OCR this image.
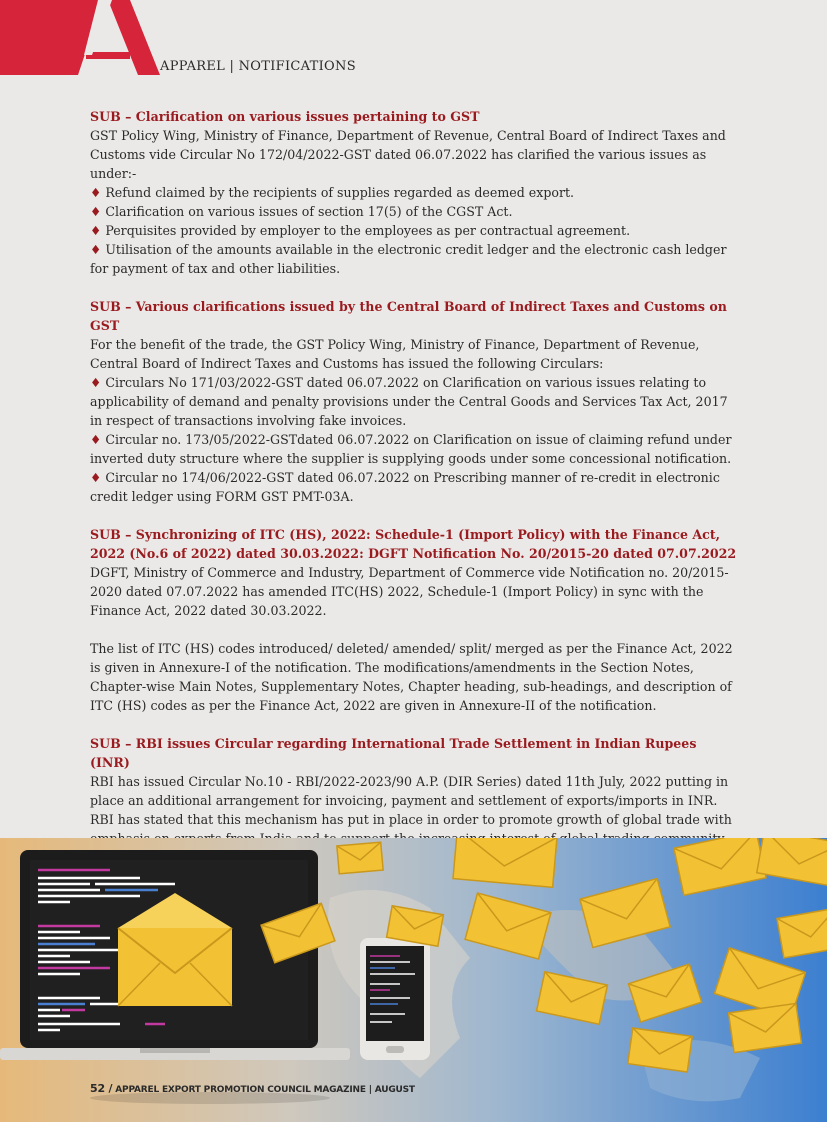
APPAREL | NOTIFICATIONS
SUB – Clarification on various issues pertaining to GST
GST Policy Wing, Ministry of Finance, Department of Revenue, Central Board of Indirect Taxes and Customs vide Circular No 172/04/2022-GST dated 06.07.2022 has clarified the various issues as under:-
♦ Refund claimed by the recipients of supplies regarded as deemed export.
♦ Clarification on various issues of section 17(5) of the CGST Act.
♦ Perquisites provided by employer to the employees as per contractual agreement.
♦ Utilisation of the amounts available in the electronic credit ledger and the electronic cash ledger for payment of tax and other liabilities.
SUB – Various clarifications issued by the Central Board of Indirect Taxes and Customs on GST
For the benefit of the trade, the GST Policy Wing, Ministry of Finance, Department of Revenue, Central Board of Indirect Taxes and Customs has issued the following Circulars:
♦ Circulars No 171/03/2022-GST dated 06.07.2022 on Clarification on various issues relating to applicability of demand and penalty provisions under the Central Goods and Services Tax Act, 2017 in respect of transactions involving fake invoices.
♦ Circular no. 173/05/2022-GSTdated 06.07.2022 on Clarification on issue of claiming refund under inverted duty structure where the supplier is supplying goods under some concessional notification.
♦ Circular no 174/06/2022-GST dated 06.07.2022 on Prescribing manner of re-credit in electronic credit ledger using FORM GST PMT-03A.
SUB – Synchronizing of ITC (HS), 2022: Schedule-1 (Import Policy) with the Finance Act, 2022 (No.6 of 2022) dated 30.03.2022: DGFT Notification No. 20/2015-20 dated 07.07.2022
DGFT, Ministry of Commerce and Industry, Department of Commerce vide Notification no. 20/2015-2020 dated 07.07.2022 has amended ITC(HS) 2022, Schedule-1 (Import Policy) in sync with the Finance Act, 2022 dated 30.03.2022.
The list of ITC (HS) codes introduced/ deleted/ amended/ split/ merged as per the Finance Act, 2022 is given in Annexure-I of the notification. The modifications/amendments in the Section Notes, Chapter-wise Main Notes, Supplementary Notes, Chapter heading, sub-headings, and description of ITC (HS) codes as per the Finance Act, 2022 are given in Annexure-II of the notification.
SUB – RBI issues Circular regarding International Trade Settlement in Indian Rupees (INR)
RBI has issued Circular No.10 - RBI/2022-2023/90 A.P. (DIR Series) dated 11th July, 2022 putting in place an additional arrangement for invoicing, payment and settlement of exports/imports in INR. RBI has stated that this mechanism has put in place in order to promote growth of global trade with
52 / APPAREL EXPORT PROMOTION COUNCIL MAGAZINE | AUGUST
